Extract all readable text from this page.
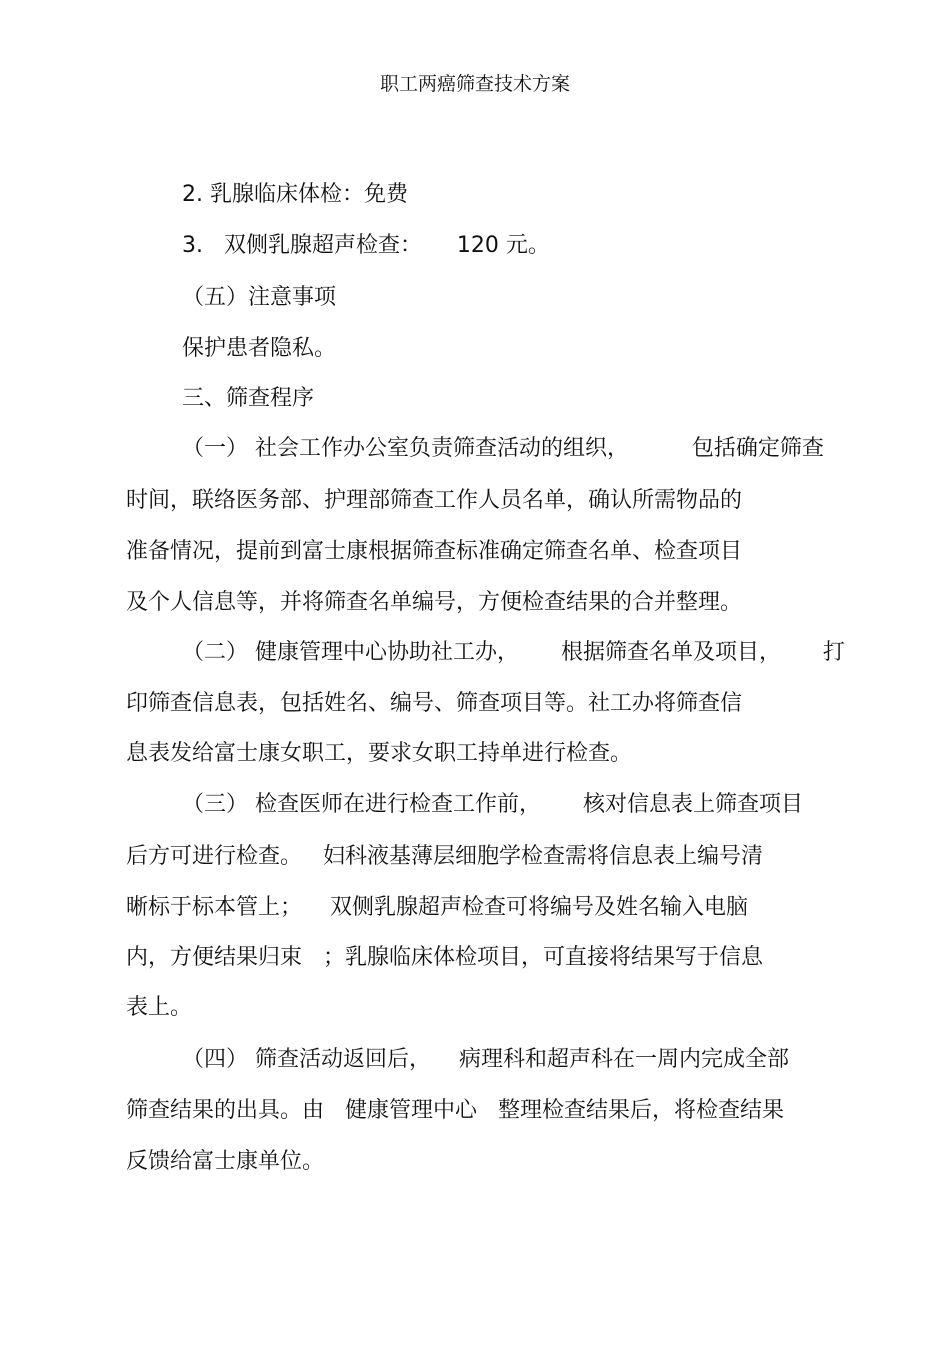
职工两癌筛查技术方案
2. 乳腺临床体检：免费
3.   双侧乳腺超声检查：     120 元。
（五）注意事项
保护患者隐私。
三、筛查程序
（一） 社会工作办公室负责筛查活动的组织，         包括确定筛查
时间，联络医务部、护理部筛查工作人员名单，确认所需物品的
准备情况，提前到富士康根据筛查标准确定筛查名单、检查项目
及个人信息等，并将筛查名单编号，方便检查结果的合并整理。
（二） 健康管理中心协助社工办，      根据筛查名单及项目，      打
印筛查信息表，包括姓名、编号、筛查项目等。社工办将筛查信
息表发给富士康女职工，要求女职工持单进行检查。
（三） 检查医师在进行检查工作前，      核对信息表上筛查项目
后方可进行检查。   妇科液基薄层细胞学检查需将信息表上编号清
晰标于标本管上；    双侧乳腺超声检查可将编号及姓名输入电脑
内，方便结果归束   ；乳腺临床体检项目，可直接将结果写于信息
表上。
（四） 筛查活动返回后，    病理科和超声科在一周内完成全部
筛查结果的出具。由   健康管理中心   整理检查结果后，将检查结果
反馈给富士康单位。
